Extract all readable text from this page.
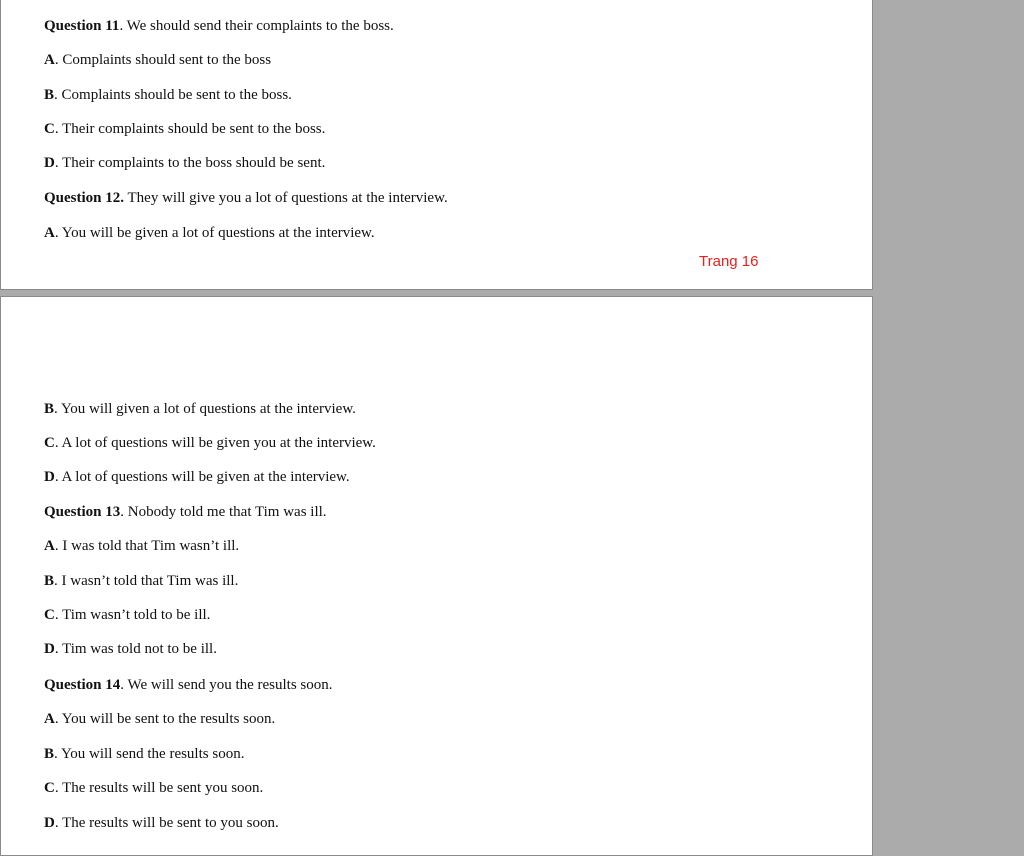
Question 11. We should send their complaints to the boss.
A. Complaints should sent to the boss
B. Complaints should be sent to the boss.
C. Their complaints should be sent to the boss.
D. Their complaints to the boss should be sent.
Question 12. They will give you a lot of questions at the interview.
A. You will be given a lot of questions at the interview.
Trang 16
B. You will given a lot of questions at the interview.
C. A lot of questions will be given you at the interview.
D. A lot of questions will be given at the interview.
Question 13. Nobody told me that Tim was ill.
A. I was told that Tim wasn’t ill.
B. I wasn’t told that Tim was ill.
C. Tim wasn’t told to be ill.
D. Tim was told not to be ill.
Question 14. We will send you the results soon.
A. You will be sent to the results soon.
B. You will send the results soon.
C. The results will be sent you soon.
D. The results will be sent to you soon.
